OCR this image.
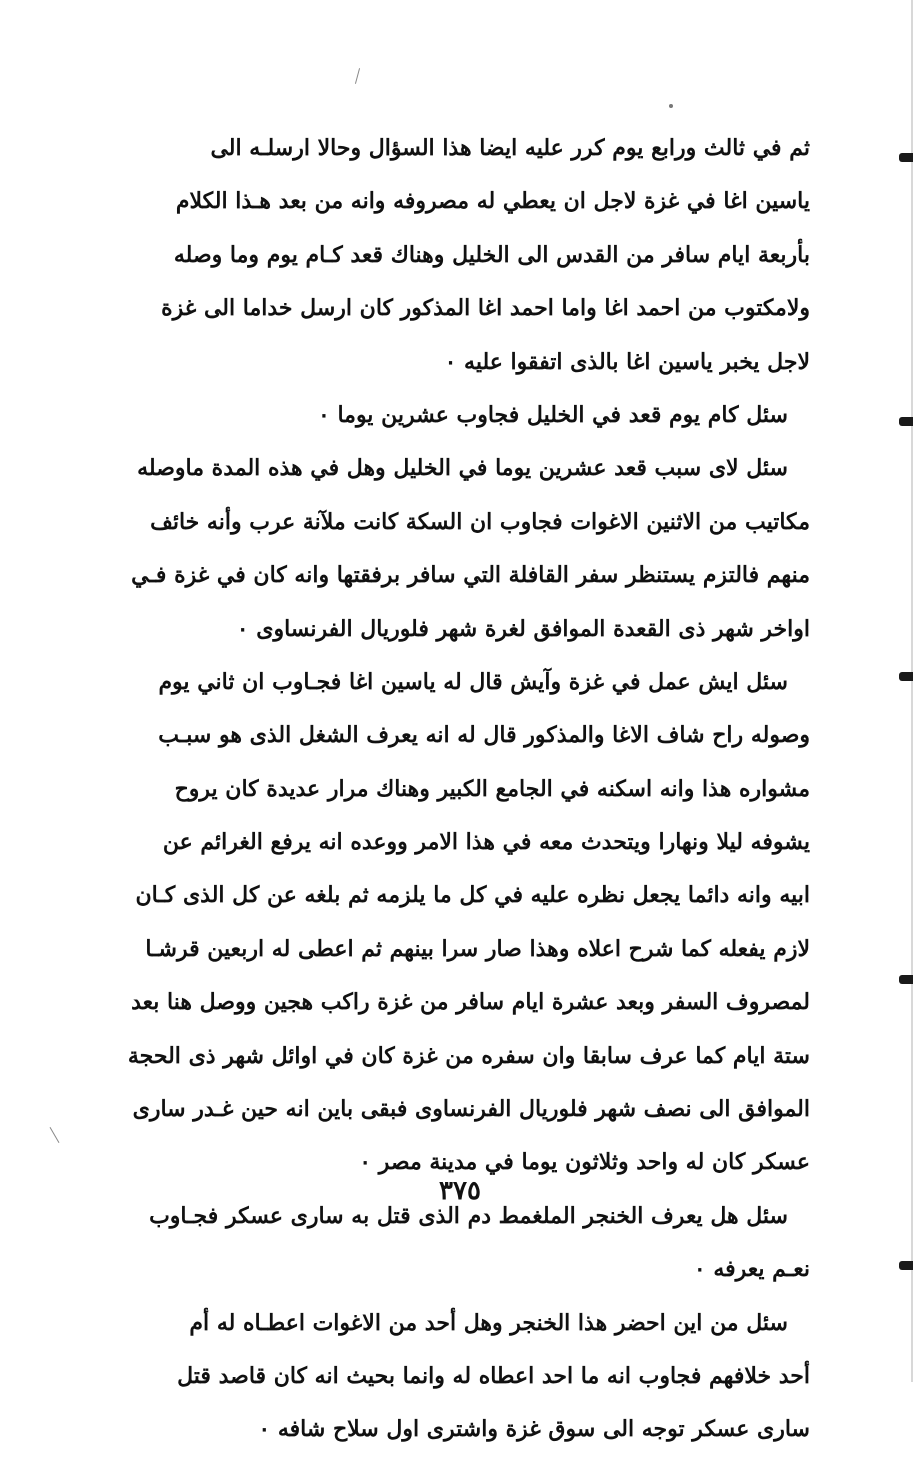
ثم في ثالث ورابع يوم كرر عليه ايضا هذا السؤال وحالا ارسلـه الى
ياسين اغا في غزة لاجل ان يعطي له مصروفه وانه من بعد هـذا الكلام
بأربعة ايام سافر من القدس الى الخليل وهناك قعد كـام يوم وما وصله
ولامكتوب من احمد اغا واما احمد اغا المذكور كان ارسل خداما الى غزة
لاجل يخبر ياسين اغا بالذى اتفقوا عليه ٠
سئل كام يوم قعد في الخليل فجاوب عشرين يوما ٠
سئل لاى سبب قعد عشرين يوما في الخليل وهل في هذه المدة ماوصله
مكاتيب من الاثنين الاغوات فجاوب ان السكة كانت ملآنة عرب وأنه خائف
منهم فالتزم يستنظر سفر القافلة التي سافر برفقتها وانه كان في غزة فـي
اواخر شهر ذى القعدة الموافق لغرة شهر فلوريال الفرنساوى ٠
سئل ايش عمل في غزة وآيش قال له ياسين اغا فجـاوب ان ثاني يوم
وصوله راح شاف الاغا والمذكور قال له انه يعرف الشغل الذى هو سبـب
مشواره هذا وانه اسكنه في الجامع الكبير وهناك مرار عديدة كان يروح
يشوفه ليلا ونهارا ويتحدث معه في هذا الامر ووعده انه يرفع الغرائم عن
ابيه وانه دائما يجعل نظره عليه في كل ما يلزمه ثم بلغه عن كل الذى كـان
لازم يفعله كما شرح اعلاه وهذا صار سرا بينهم ثم اعطى له اربعين قرشـا
لمصروف السفر وبعد عشرة ايام سافر من غزة راكب هجين ووصل هنا بعد
ستة ايام كما عرف سابقا وان سفره من غزة كان في اوائل شهر ذى الحجة
الموافق الى نصف شهر فلوريال الفرنساوى فبقى باين انه حين غـدر سارى
عسكر كان له واحد وثلاثون يوما في مدينة مصر ٠
سئل هل يعرف الخنجر الملغمط دم الذى قتل به سارى عسكر فجـاوب
نعـم يعرفه ٠
سئل من اين احضر هذا الخنجر وهل أحد من الاغوات اعطـاه له أم
أحد خلافهم فجاوب انه ما احد اعطاه له وانما بحيث انه كان قاصد قتل
سارى عسكر توجه الى سوق غزة واشترى اول سلاح شافه ٠
٣٧٥
